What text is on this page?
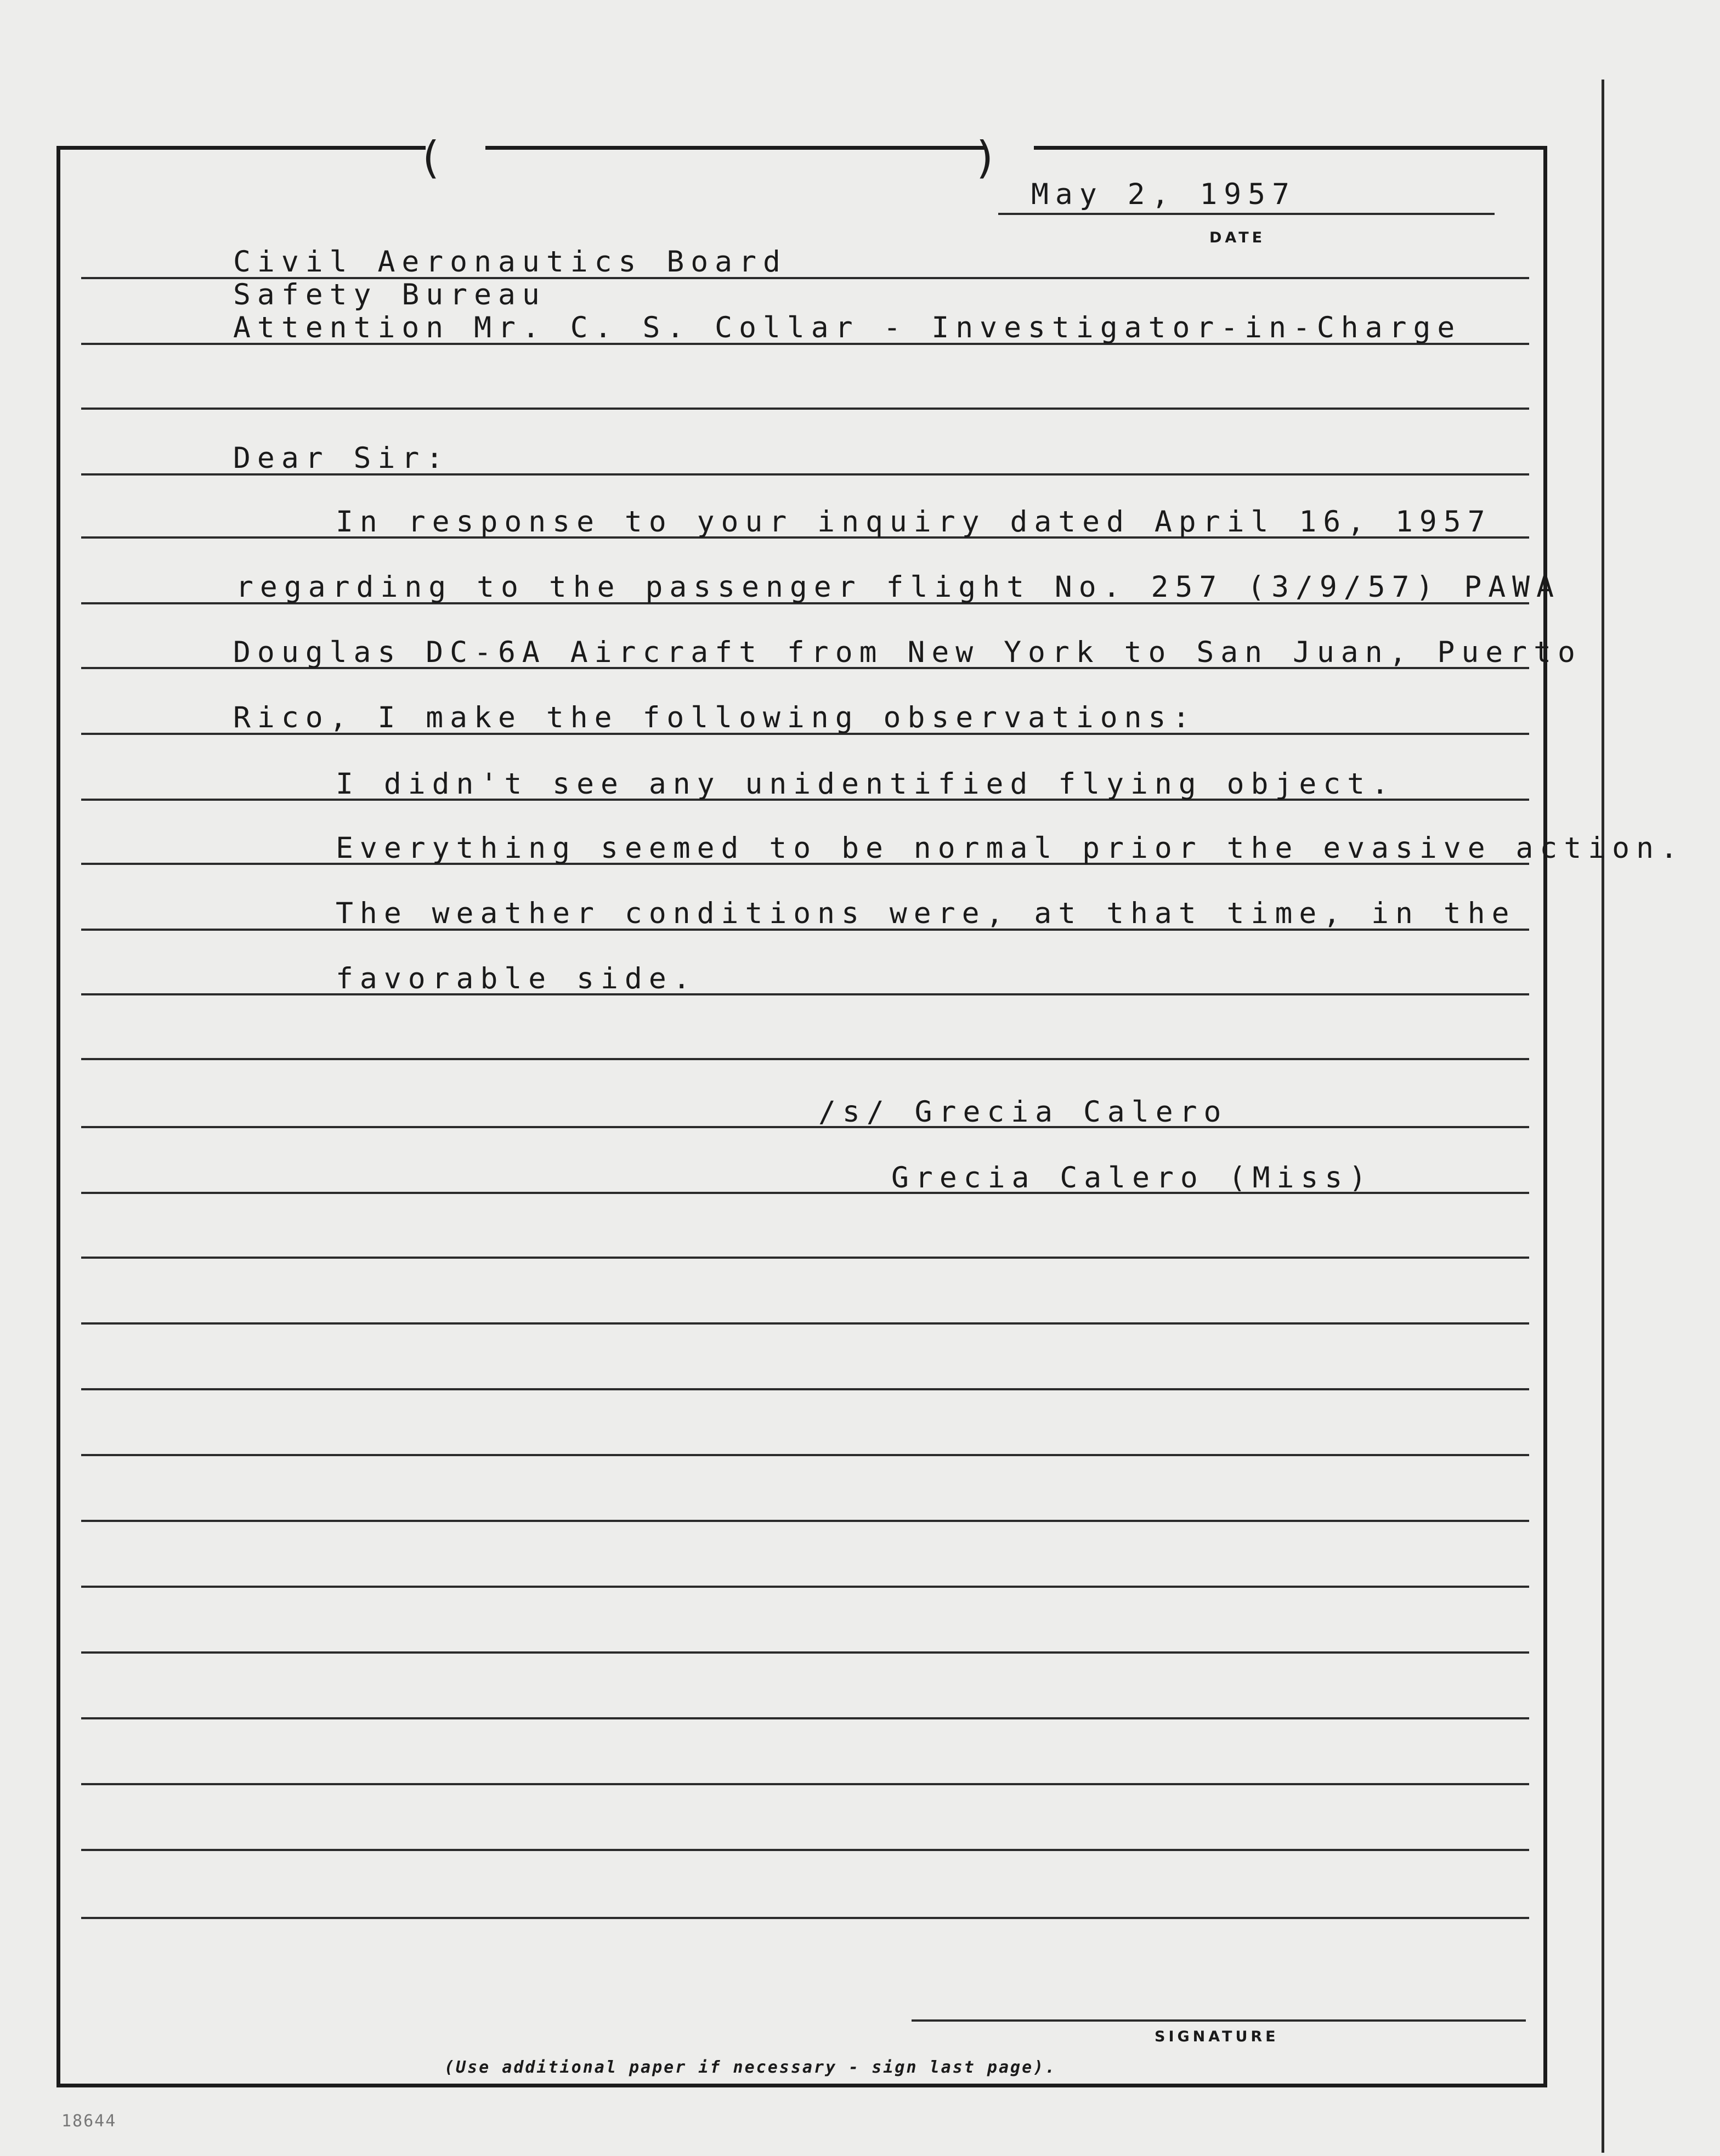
(	)
May 2, 1957
DATE
Civil Aeronautics Board
Safety Bureau
Attention Mr. C. S. Collar - Investigator-in-Charge
Dear Sir:
In response to your inquiry dated April 16, 1957
regarding to the passenger flight No. 257 (3/9/57) PAWA
Douglas DC-6A Aircraft from New York to San Juan, Puerto
Rico, I make the following observations:
I didn't see any unidentified flying object.
Everything seemed to be normal prior the evasive action.
The weather conditions were, at that time, in the
favorable side.
/s/ Grecia Calero
Grecia Calero (Miss)
SIGNATURE
(Use additional paper if necessary - sign last page).
18644
